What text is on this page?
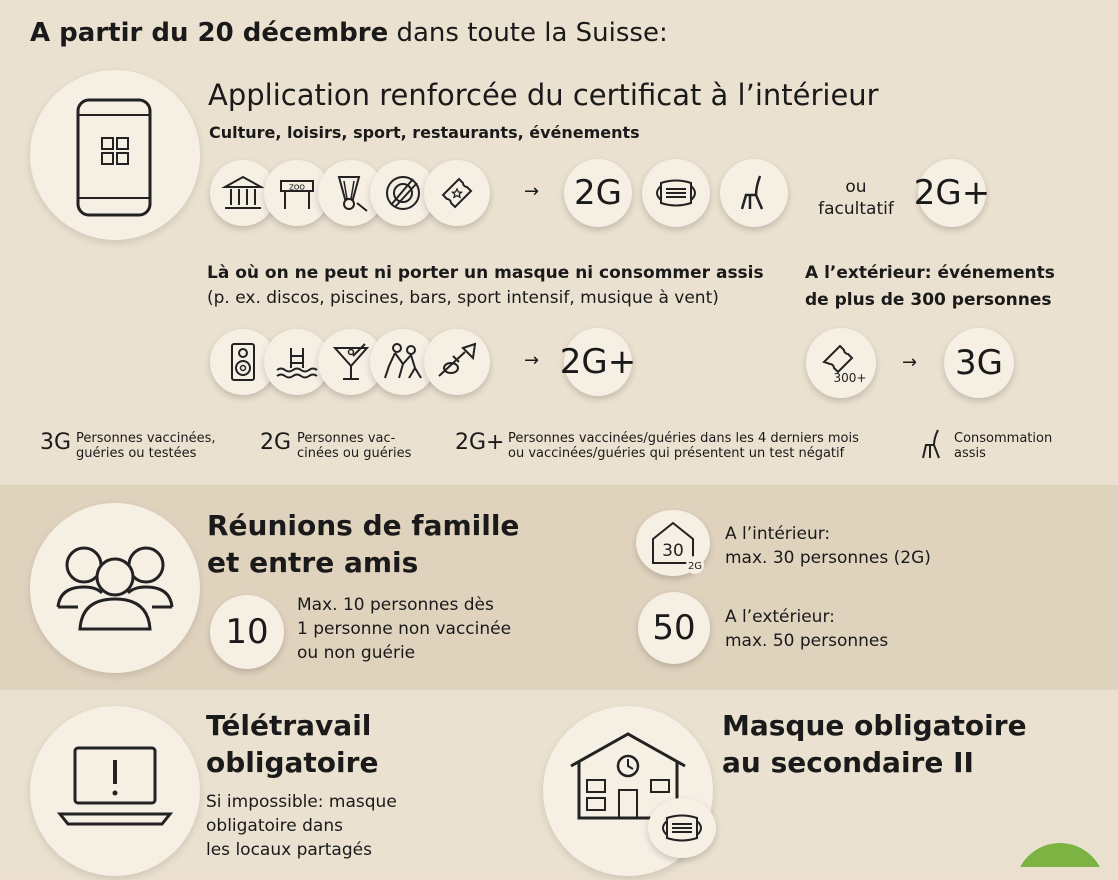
A partir du 20 décembre dans toute la Suisse:
Application renforcée du certificat à l’intérieur
Culture, loisirs, sport, restaurants, événements
ZOO	→ 2G	ou
facultatif 2G+
Là où on ne peut ni porter un masque ni consommer assis
(p. ex. discos, piscines, bars, sport intensif, musique à vent)
A l’extérieur: événements
de plus de 300 personnes
→ 2G+	300+
→ 3G
3G Personnes vaccinées,
guéries ou testées	2G Personnes vac-
cinées ou guéries 2G+ Personnes vaccinées/guéries dans les 4 derniers mois
ou vaccinées/guéries qui présentent un test négatif
Consommation
assis
Réunions de famille
et entre amis
10
Max. 10 personnes dès
1 personne non vaccinée
ou non guérie
30
2G
A l’intérieur:
max. 30 personnes (2G)
50 A l’extérieur:
max. 50 personnes
Télétravail
obligatoire
Si impossible: masque
obligatoire dans
les locaux partagés
Masque obligatoire
au secondaire II
